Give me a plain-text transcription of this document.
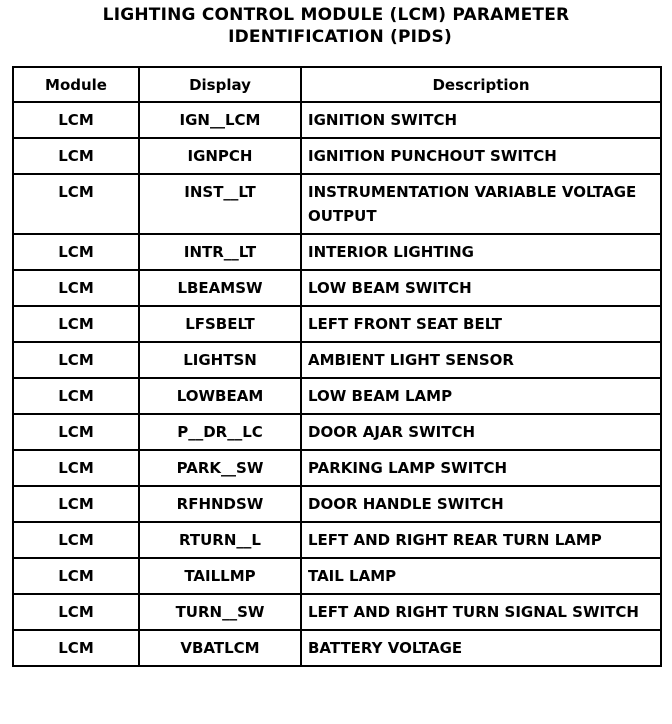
LIGHTING CONTROL MODULE (LCM) PARAMETER
IDENTIFICATION (PIDS)
Module	Display	Description
LCM	IGN__LCM	IGNITION SWITCH
LCM	IGNPCH	IGNITION PUNCHOUT SWITCH
LCM	INST__LT	INSTRUMENTATION VARIABLE VOLTAGE OUTPUT
LCM	INTR__LT	INTERIOR LIGHTING
LCM	LBEAMSW	LOW BEAM SWITCH
LCM	LFSBELT	LEFT FRONT SEAT BELT
LCM	LIGHTSN	AMBIENT LIGHT SENSOR
LCM	LOWBEAM	LOW BEAM LAMP
LCM	P__DR__LC	DOOR AJAR SWITCH
LCM	PARK__SW	PARKING LAMP SWITCH
LCM	RFHNDSW	DOOR HANDLE SWITCH
LCM	RTURN__L	LEFT AND RIGHT REAR TURN LAMP
LCM	TAILLMP	TAIL LAMP
LCM	TURN__SW	LEFT AND RIGHT TURN SIGNAL SWITCH
LCM	VBATLCM	BATTERY VOLTAGE
